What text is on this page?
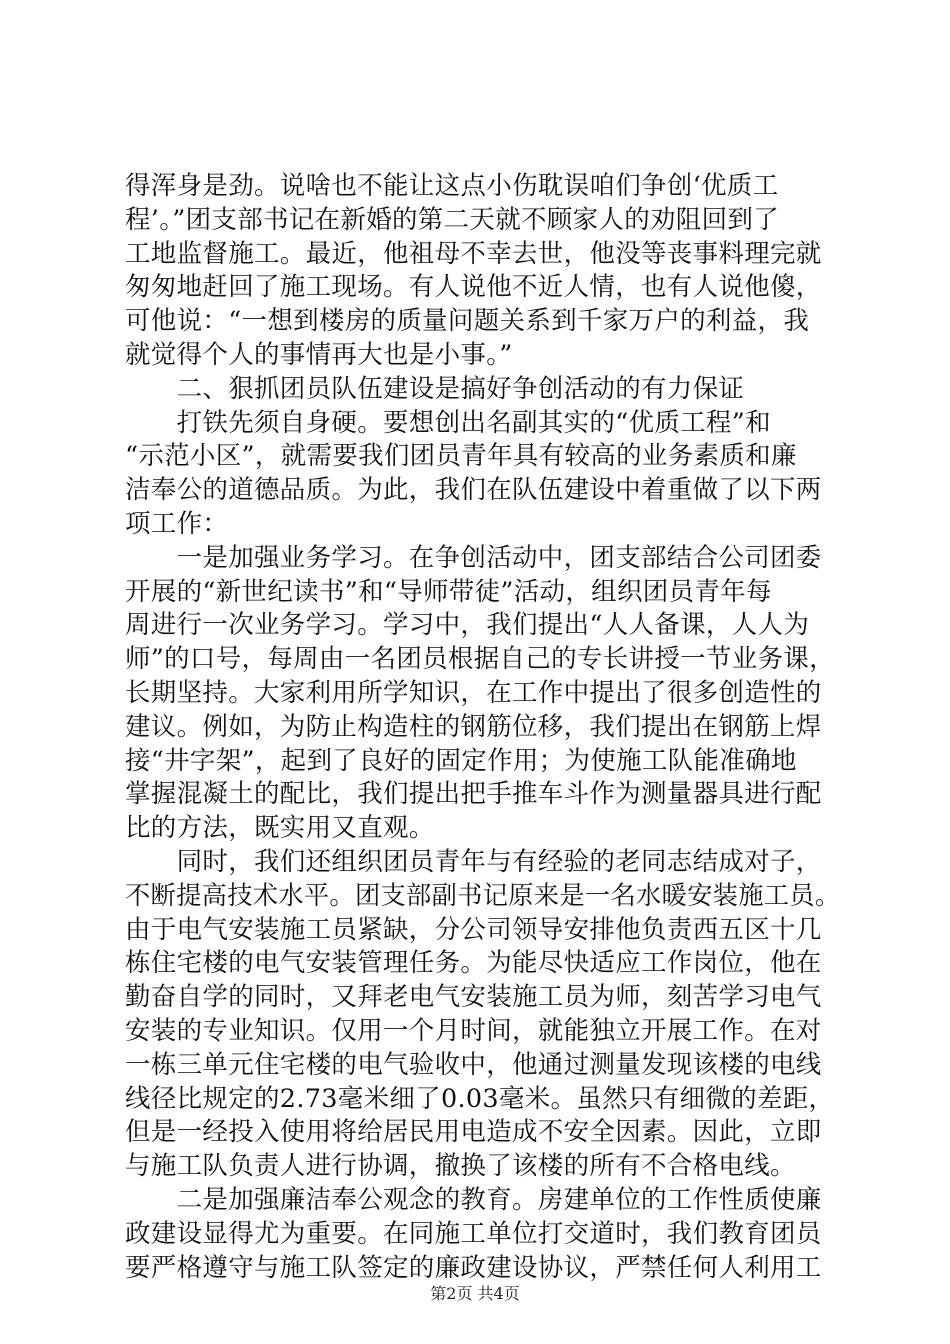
得浑身是劲。说啥也不能让这点小伤耽误咱们争创‘优质工
程’。”团支部书记在新婚的第二天就不顾家人的劝阻回到了
工地监督施工。最近，他祖母不幸去世，他没等丧事料理完就
匆匆地赶回了施工现场。有人说他不近人情，也有人说他傻，
可他说：“一想到楼房的质量问题关系到千家万户的利益，我
就觉得个人的事情再大也是小事。”
　　二、狠抓团员队伍建设是搞好争创活动的有力保证
　　打铁先须自身硬。要想创出名副其实的“优质工程”和
“示范小区”，就需要我们团员青年具有较高的业务素质和廉
洁奉公的道德品质。为此，我们在队伍建设中着重做了以下两
项工作：
　　一是加强业务学习。在争创活动中，团支部结合公司团委
开展的“新世纪读书”和“导师带徒”活动，组织团员青年每
周进行一次业务学习。学习中，我们提出“人人备课，人人为
师”的口号，每周由一名团员根据自己的专长讲授一节业务课，
长期坚持。大家利用所学知识，在工作中提出了很多创造性的
建议。例如，为防止构造柱的钢筋位移，我们提出在钢筋上焊
接“井字架”，起到了良好的固定作用；为使施工队能准确地
掌握混凝土的配比，我们提出把手推车斗作为测量器具进行配
比的方法，既实用又直观。
　　同时，我们还组织团员青年与有经验的老同志结成对子，
不断提高技术水平。团支部副书记原来是一名水暖安装施工员。
由于电气安装施工员紧缺，分公司领导安排他负责西五区十几
栋住宅楼的电气安装管理任务。为能尽快适应工作岗位，他在
勤奋自学的同时，又拜老电气安装施工员为师，刻苦学习电气
安装的专业知识。仅用一个月时间，就能独立开展工作。在对
一栋三单元住宅楼的电气验收中，他通过测量发现该楼的电线
线径比规定的2.73毫米细了0.03毫米。虽然只有细微的差距，
但是一经投入使用将给居民用电造成不安全因素。因此，立即
与施工队负责人进行协调，撤换了该楼的所有不合格电线。
　　二是加强廉洁奉公观念的教育。房建单位的工作性质使廉
政建设显得尤为重要。在同施工单位打交道时，我们教育团员
要严格遵守与施工队签定的廉政建设协议，严禁任何人利用工
第2页 共4页
